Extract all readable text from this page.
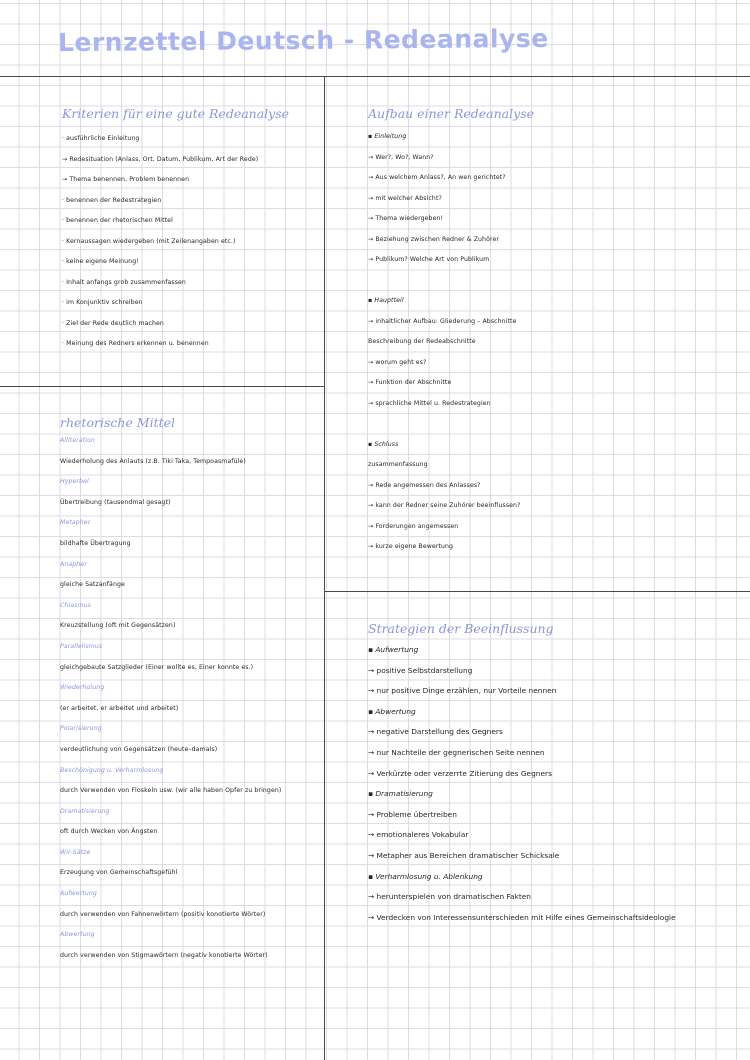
Lernzettel Deutsch - Redeanalyse
Kriterien für eine gute Redeanalyse
· ausführliche Einleitung
→ Redesituation (Anlass, Ort, Datum, Publikum, Art der Rede)
→ Thema benennen, Problem benennen
· benennen der Redestrategien
· benennen der rhetorischen Mittel
· Kernaussagen wiedergeben (mit Zeilenangaben etc.)
· keine eigene Meinung!
· Inhalt anfangs grob zusammenfassen
· im Konjunktiv schreiben
· Ziel der Rede deutlich machen
· Meinung des Redners erkennen u. benennen
Aufbau einer Redeanalyse
▪ Einleitung
→ Wer?, Wo?, Wann?
→ Aus welchem Anlass?, An wen gerichtet?
→ mit welcher Absicht?
→ Thema wiedergeben!
→ Beziehung zwischen Redner & Zuhörer
→ Publikum? Welche Art von Publikum
▪ Hauptteil
→ inhaltlicher Aufbau: Gliederung – Abschnitte
Beschreibung der Redeabschnitte
→ worum geht es?
→ Funktion der Abschnitte
→ sprachliche Mittel u. Redestrategien
▪ Schluss
zusammenfassung
→ Rede angemessen des Anlasses?
→ kann der Redner seine Zuhörer beeinflussen?
→ Forderungen angemessen
→ kurze eigene Bewertung
rhetorische Mittel
Alliteration
Wiederholung des Anlauts (z.B. Tiki Taka, Tempoasmafüle)
Hyperbel
Übertreibung (tausendmal gesagt)
Metapher
bildhafte Übertragung
Anapher
gleiche Satzanfänge
Chiasmus
Kreuzstellung (oft mit Gegensätzen)
Parallelismus
gleichgebaute Satzglieder (Einer wollte es, Einer konnte es.)
Wiederholung
(er arbeitet, er arbeitet und arbeitet)
Polarisierung
verdeutlichung von Gegensätzen (heute–damals)
Beschönigung u. Verharmlosung
durch Verwenden von Floskeln usw. (wir alle haben Opfer zu bringen)
Dramatisierung
oft durch Wecken von Ängsten
Wir-Sätze
Erzeugung von Gemeinschaftsgefühl
Aufwertung
durch verwenden von Fahnenwörtern (positiv konotierte Wörter)
Abwertung
durch verwenden von Stigmawörtern (negativ konotierte Wörter)
Strategien der Beeinflussung
▪ Aufwertung
→ positive Selbstdarstellung
→ nur positive Dinge erzählen, nur Vorteile nennen
▪ Abwertung
→ negative Darstellung des Gegners
→ nur Nachteile der gegnerischen Seite nennen
→ Verkürzte oder verzerrte Zitierung des Gegners
▪ Dramatisierung
→ Probleme übertreiben
→ emotionaleres Vokabular
→ Metapher aus Bereichen dramatischer Schicksale
▪ Verharmlosung u. Ablenkung
→ herunterspielen von dramatischen Fakten
→ Verdecken von Interessensunterschieden mit Hilfe eines Gemeinschaftsideologie
